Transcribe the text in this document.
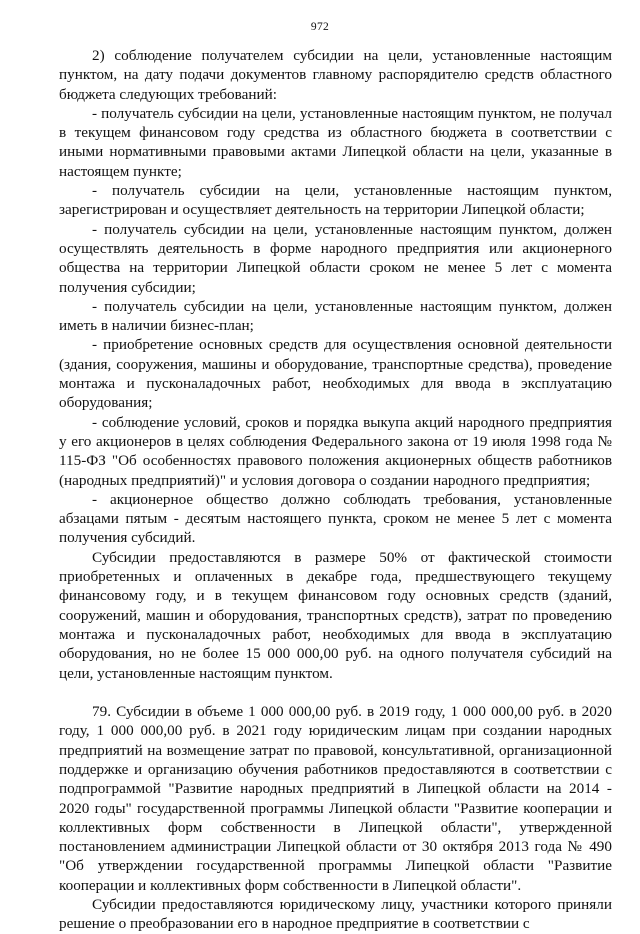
972

2) соблюдение получателем субсидии на цели, установленные настоящим пунктом, на дату подачи документов главному распорядителю средств областного бюджета следующих требований:

- получатель субсидии на цели, установленные настоящим пунктом, не получал в текущем финансовом году средства из областного бюджета в соответствии с иными нормативными правовыми актами Липецкой области на цели, указанные в настоящем пункте;

- получатель субсидии на цели, установленные настоящим пунктом, зарегистрирован и осуществляет деятельность на территории Липецкой области;

- получатель субсидии на цели, установленные настоящим пунктом, должен осуществлять деятельность в форме народного предприятия или акционерного общества на территории Липецкой области сроком не менее 5 лет с момента получения субсидии;

- получатель субсидии на цели, установленные настоящим пунктом, должен иметь в наличии бизнес-план;

- приобретение основных средств для осуществления основной деятельности (здания, сооружения, машины и оборудование, транспортные средства), проведение монтажа и пусконаладочных работ, необходимых для ввода в эксплуатацию оборудования;

- соблюдение условий, сроков и порядка выкупа акций народного предприятия у его акционеров в целях соблюдения Федерального закона от 19 июля 1998 года № 115-ФЗ "Об особенностях правового положения акционерных обществ работников (народных предприятий)" и условия договора о создании народного предприятия;

- акционерное общество должно соблюдать требования, установленные абзацами пятым - десятым настоящего пункта, сроком не менее 5 лет с момента получения субсидий.

Субсидии предоставляются в размере 50% от фактической стоимости приобретенных и оплаченных в декабре года, предшествующего текущему финансовому году, и в текущем финансовом году основных средств (зданий, сооружений, машин и оборудования, транспортных средств), затрат по проведению монтажа и пусконаладочных работ, необходимых для ввода в эксплуатацию оборудования, но не более 15 000 000,00 руб. на одного получателя субсидий на цели, установленные настоящим пунктом.

79. Субсидии в объеме 1 000 000,00 руб. в 2019 году, 1 000 000,00 руб. в 2020 году, 1 000 000,00 руб. в 2021 году юридическим лицам при создании народных предприятий на возмещение затрат по правовой, консультативной, организационной поддержке и организацию обучения работников предоставляются в соответствии с подпрограммой "Развитие народных предприятий в Липецкой области на 2014 - 2020 годы" государственной программы Липецкой области "Развитие кооперации и коллективных форм собственности в Липецкой области", утвержденной постановлением администрации Липецкой области от 30 октября 2013 года № 490 "Об утверждении государственной программы Липецкой области "Развитие кооперации и коллективных форм собственности в Липецкой области".

Субсидии предоставляются юридическому лицу, участники которого приняли решение о преобразовании его в народное предприятие в соответствии с
